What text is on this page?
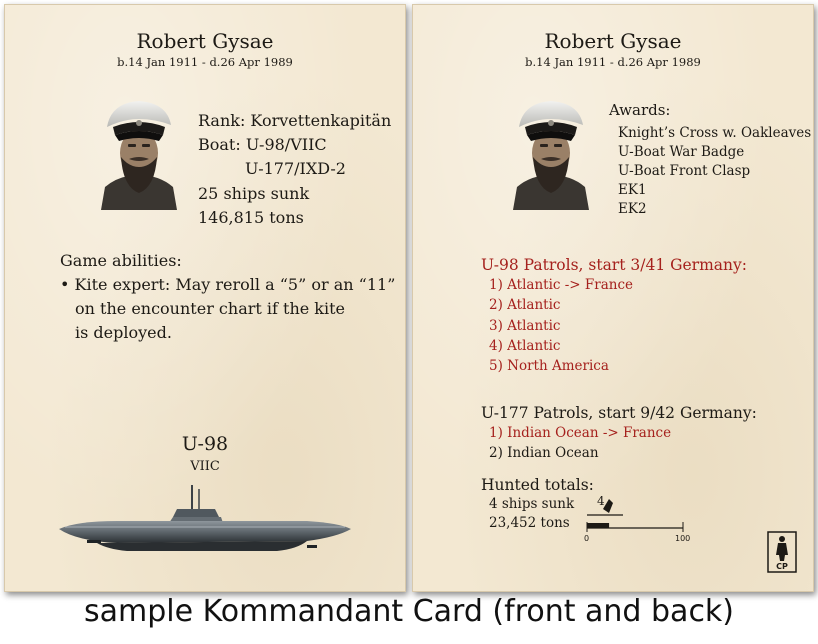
Robert Gysae
b.14 Jan 1911 - d.26 Apr 1989
Rank: Korvettenkapitän
Boat: U-98/VIIC
U-177/IXD-2
25 ships sunk
146,815 tons
Game abilities:
• Kite expert: May reroll a “5” or an “11”
on the encounter chart if the kite
is deployed.
U-98
VIIC
Robert Gysae
b.14 Jan 1911 - d.26 Apr 1989
Awards:
Knight’s Cross w. Oakleaves
U-Boat War Badge
U-Boat Front Clasp
EK1
EK2
U-98 Patrols, start 3/41 Germany:
1) Atlantic -> France
2) Atlantic
3) Atlantic
4) Atlantic
5) North America
U-177 Patrols, start 9/42 Germany:
1) Indian Ocean -> France
2) Indian Ocean
Hunted totals:
4 ships sunk
23,452 tons
4
0	100
CP
sample Kommandant Card (front and back)
